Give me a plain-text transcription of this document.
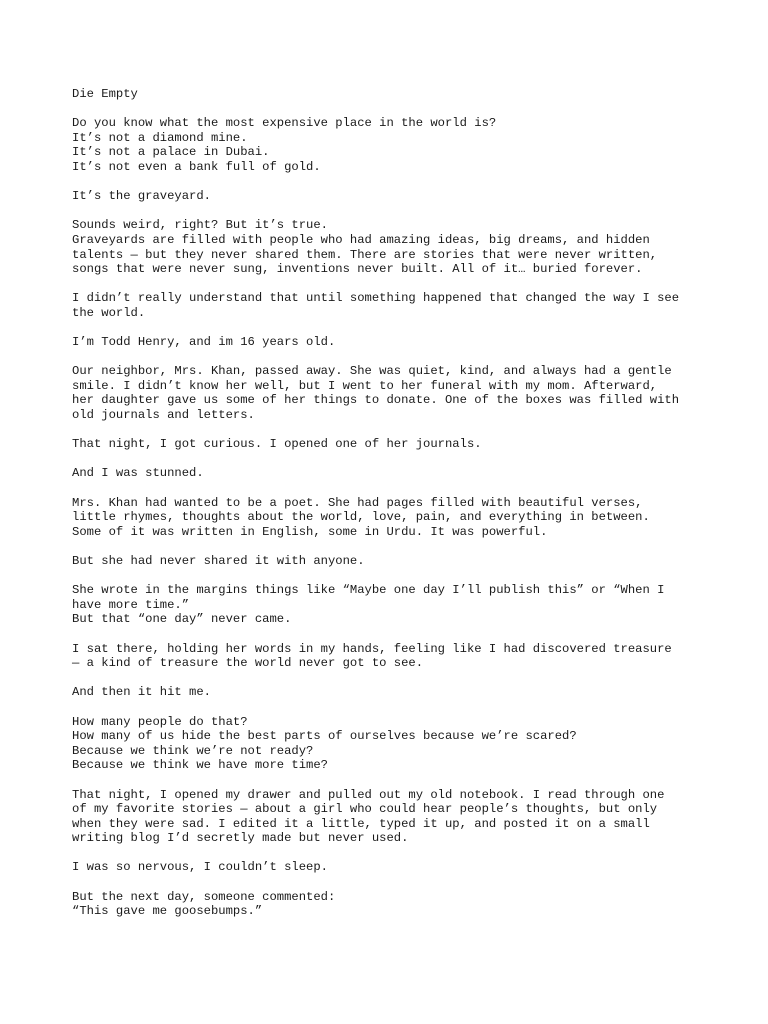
Die Empty
Do you know what the most expensive place in the world is?
It’s not a diamond mine.
It’s not a palace in Dubai.
It’s not even a bank full of gold.
It’s the graveyard.
Sounds weird, right? But it’s true.
Graveyards are filled with people who had amazing ideas, big dreams, and hidden
talents — but they never shared them. There are stories that were never written,
songs that were never sung, inventions never built. All of it… buried forever.
I didn’t really understand that until something happened that changed the way I see
the world.
I’m Todd Henry, and im 16 years old.
Our neighbor, Mrs. Khan, passed away. She was quiet, kind, and always had a gentle
smile. I didn’t know her well, but I went to her funeral with my mom. Afterward,
her daughter gave us some of her things to donate. One of the boxes was filled with
old journals and letters.
That night, I got curious. I opened one of her journals.
And I was stunned.
Mrs. Khan had wanted to be a poet. She had pages filled with beautiful verses,
little rhymes, thoughts about the world, love, pain, and everything in between.
Some of it was written in English, some in Urdu. It was powerful.
But she had never shared it with anyone.
She wrote in the margins things like “Maybe one day I’ll publish this” or “When I
have more time.”
But that “one day” never came.
I sat there, holding her words in my hands, feeling like I had discovered treasure
— a kind of treasure the world never got to see.
And then it hit me.
How many people do that?
How many of us hide the best parts of ourselves because we’re scared?
Because we think we’re not ready?
Because we think we have more time?
That night, I opened my drawer and pulled out my old notebook. I read through one
of my favorite stories — about a girl who could hear people’s thoughts, but only
when they were sad. I edited it a little, typed it up, and posted it on a small
writing blog I’d secretly made but never used.
I was so nervous, I couldn’t sleep.
But the next day, someone commented:
“This gave me goosebumps.”
